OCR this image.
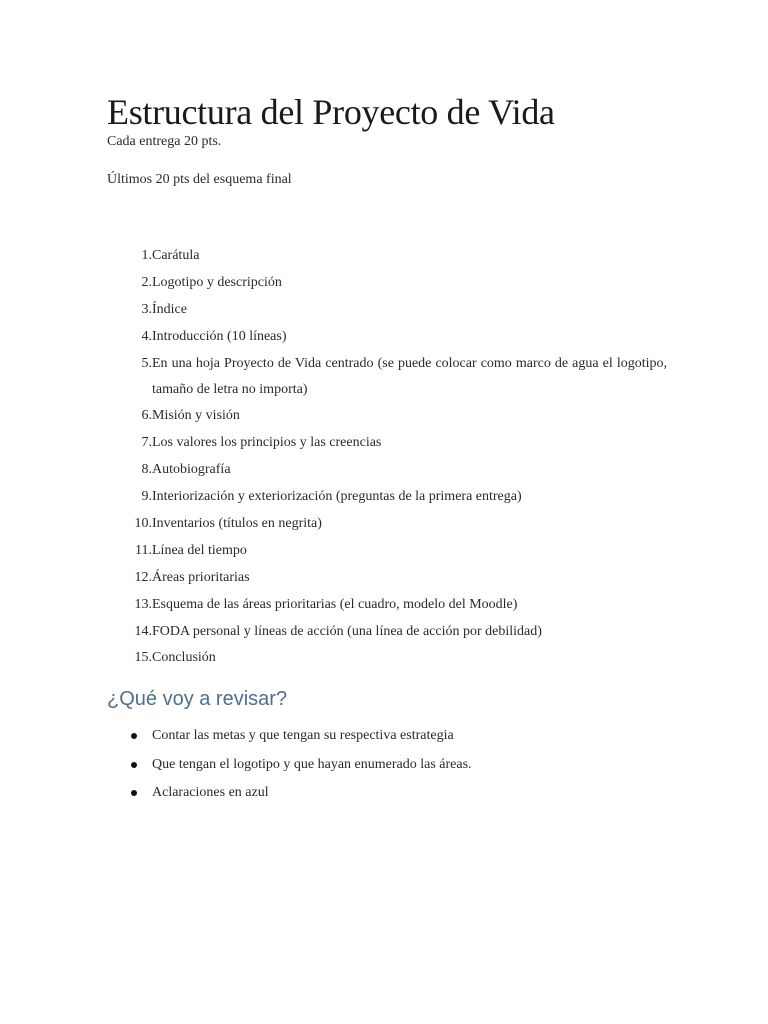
Estructura del Proyecto de Vida

Cada entrega 20 pts.

Últimos 20 pts del esquema final

1. Carátula
2. Logotipo y descripción
3. Índice
4. Introducción (10 líneas)
5. En una hoja Proyecto de Vida centrado (se puede colocar como marco de agua el logotipo, tamaño de letra no importa)
6. Misión y visión
7. Los valores los principios y las creencias
8. Autobiografía
9. Interiorización y exteriorización (preguntas de la primera entrega)
10. Inventarios (títulos en negrita)
11. Línea del tiempo
12. Áreas prioritarias
13. Esquema de las áreas prioritarias (el cuadro, modelo del Moodle)
14. FODA personal y líneas de acción (una línea de acción por debilidad)
15. Conclusión
¿Qué voy a revisar?
Contar las metas y que tengan su respectiva estrategia
Que tengan el logotipo y que hayan enumerado las áreas.
Aclaraciones en azul
